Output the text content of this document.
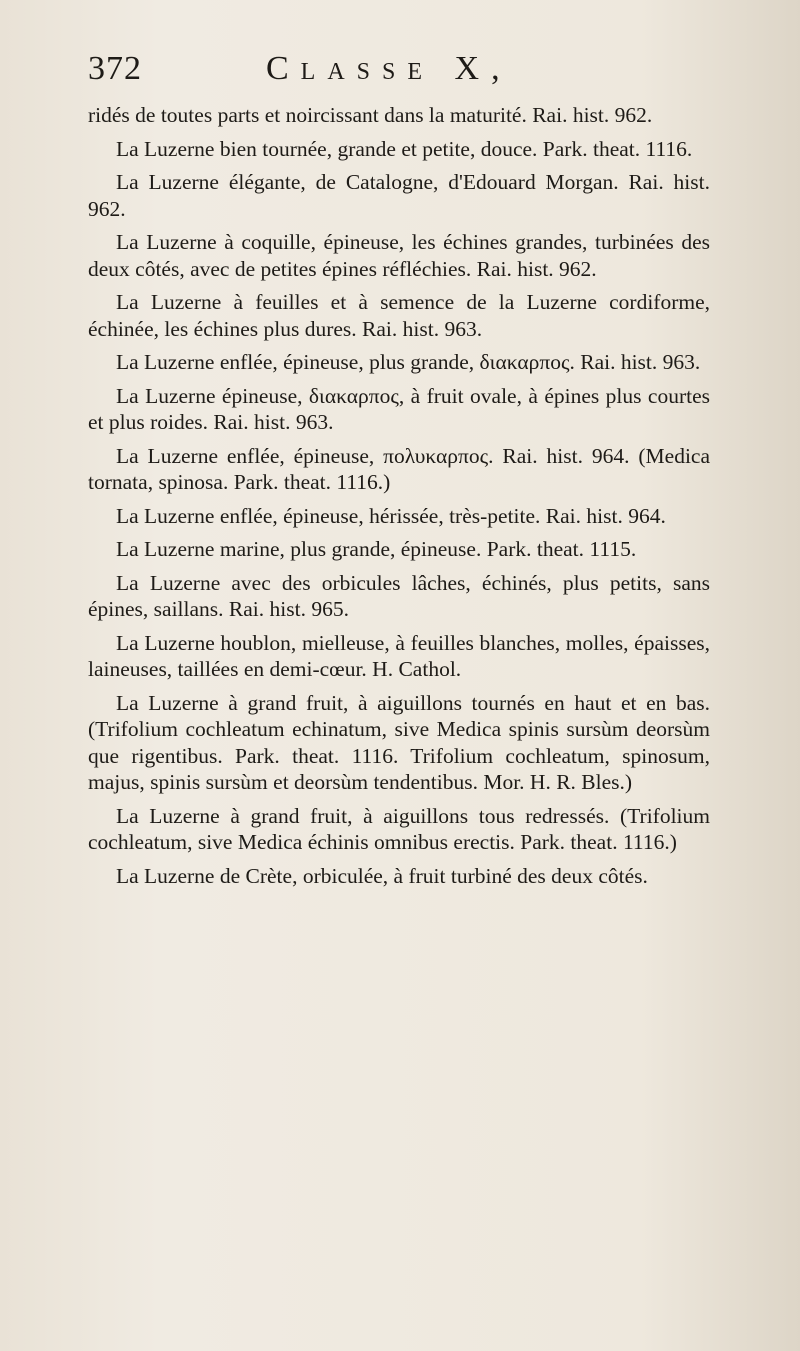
372	Classe X,

ridés de toutes parts et noircissant dans la maturité. Rai. hist. 962.

La Luzerne bien tournée, grande et petite, douce. Park. theat. 1116.

La Luzerne élégante, de Catalogne, d'Edouard Morgan. Rai. hist. 962.

La Luzerne à coquille, épineuse, les échines grandes, turbinées des deux côtés, avec de petites épines réfléchies. Rai. hist. 962.

La Luzerne à feuilles et à semence de la Luzerne cordiforme, échinée, les échines plus dures. Rai. hist. 963.

La Luzerne enflée, épineuse, plus grande, διακαρπος. Rai. hist. 963.

La Luzerne épineuse, διακαρπος, à fruit ovale, à épines plus courtes et plus roides. Rai. hist. 963.

La Luzerne enflée, épineuse, πολυκαρπος. Rai. hist. 964. (Medica tornata, spinosa. Park. theat. 1116.)

La Luzerne enflée, épineuse, hérissée, très-petite. Rai. hist. 964.

La Luzerne marine, plus grande, épineuse. Park. theat. 1115.

La Luzerne avec des orbicules lâches, échinés, plus petits, sans épines, saillans. Rai. hist. 965.

La Luzerne houblon, mielleuse, à feuilles blanches, molles, épaisses, laineuses, taillées en demi-cœur. H. Cathol.

La Luzerne à grand fruit, à aiguillons tournés en haut et en bas. (Trifolium cochleatum echinatum, sive Medica spinis sursùm deorsùm que rigentibus. Park. theat. 1116. Trifolium cochleatum, spinosum, majus, spinis sursùm et deorsùm tendentibus. Mor. H. R. Bles.)

La Luzerne à grand fruit, à aiguillons tous redressés. (Trifolium cochleatum, sive Medica échinis omnibus erectis. Park. theat. 1116.)

La Luzerne de Crète, orbiculée, à fruit turbiné des deux côtés.
